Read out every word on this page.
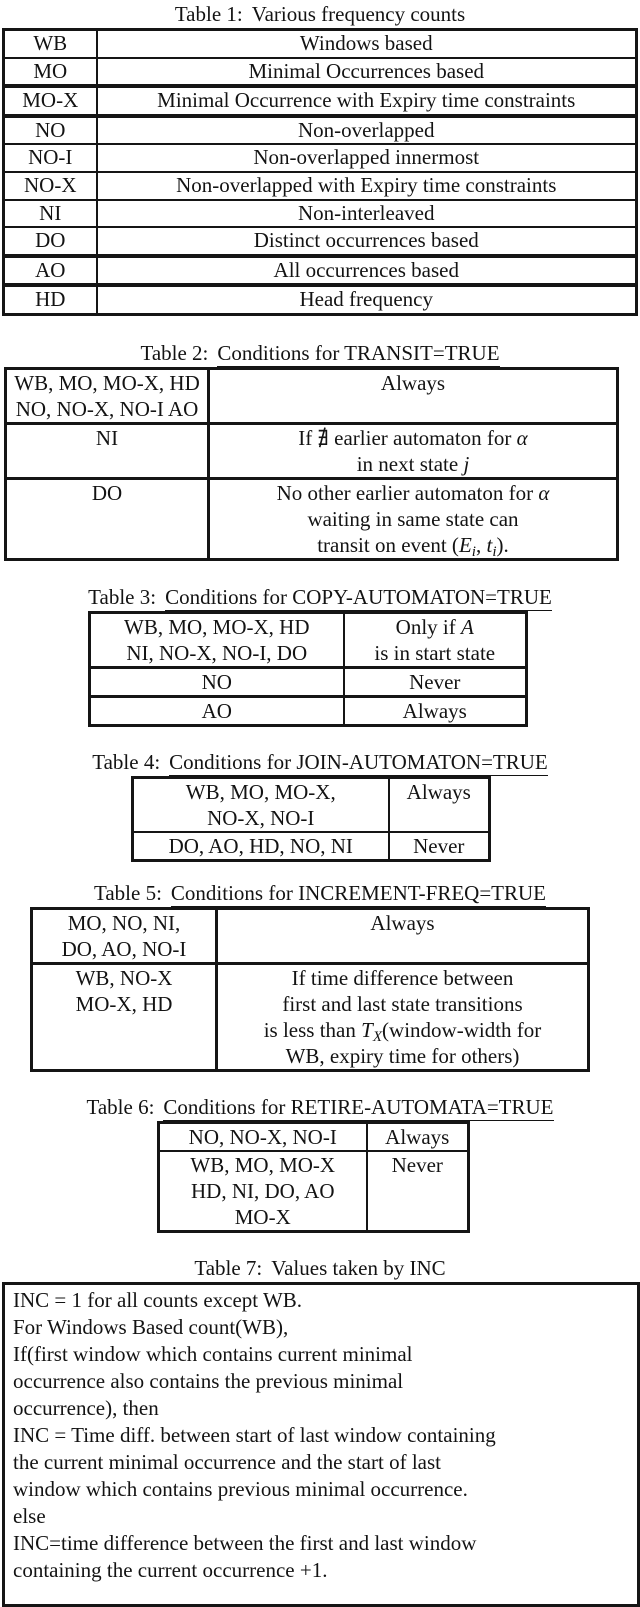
Table 1: Various frequency counts
WB	Windows based
MO	Minimal Occurrences based
MO-X	Minimal Occurrence with Expiry time constraints
NO	Non-overlapped
NO-I	Non-overlapped innermost
NO-X	Non-overlapped with Expiry time constraints
NI	Non-interleaved
DO	Distinct occurrences based
AO	All occurrences based
HD	Head frequency
Table 2: Conditions for TRANSIT=TRUE
WB, MO, MO-X, HD
NO, NO-X, NO-I AO	Always
NI	If ∄ earlier automaton for α
in next state j
DO	No other earlier automaton for α
waiting in same state can
transit on event ($E_i$, $t_i$).
Table 3: Conditions for COPY-AUTOMATON=TRUE
WB, MO, MO-X, HD
NI, NO-X, NO-I, DO	Only if A
is in start state
NO	Never
AO	Always
Table 4: Conditions for JOIN-AUTOMATON=TRUE
WB, MO, MO-X,
NO-X, NO-I	Always
DO, AO, HD, NO, NI	Never
Table 5: Conditions for INCREMENT-FREQ=TRUE
MO, NO, NI,
DO, AO, NO-I	Always
WB, NO-X
MO-X, HD	If time difference between
first and last state transitions
is less than $T_X(window$-width for
WB, expiry time for others)
Table 6: Conditions for RETIRE-AUTOMATA=TRUE
NO, NO-X, NO-I	Always
WB, MO, MO-X
HD, NI, DO, AO
MO-X	Never
Table 7: Values taken by INC
INC = 1 for all counts except WB.
For Windows Based count(WB),
If(first window which contains current minimal
occurrence also contains the previous minimal
occurrence), then
INC = Time diff. between start of last window containing
the current minimal occurrence and the start of last
window which contains previous minimal occurrence.
else
INC=time difference between the first and last window
containing the current occurrence +1.
